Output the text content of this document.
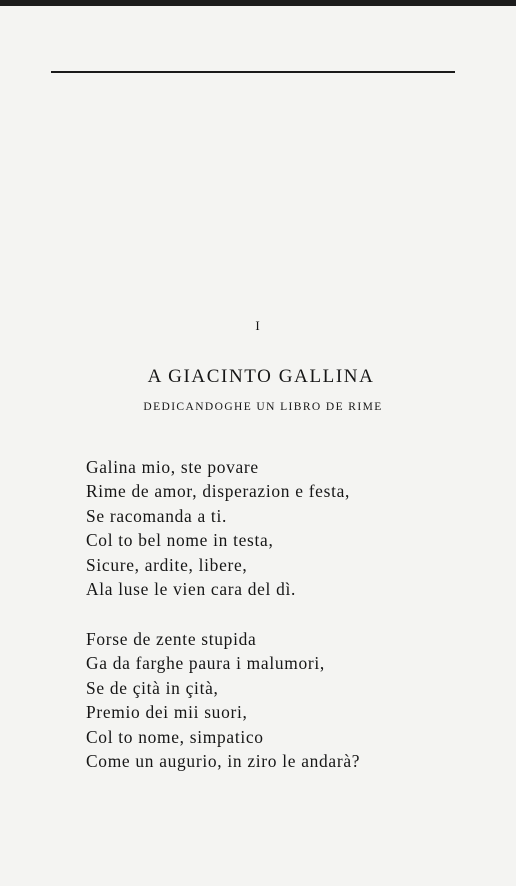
I
A GIACINTO GALLINA
DEDICANDOGHE UN LIBRO DE RIME
Galina mio, ste povare
Rime de amor, disperazion e festa,
Se racomanda a ti.
Col to bel nome in testa,
Sicure, ardite, libere,
Ala luse le vien cara del dì.
Forse de zente stupida
Ga da farghe paura i malumori,
Se de çità in çità,
Premio dei mii suori,
Col to nome, simpatico
Come un augurio, in ziro le andarà?
